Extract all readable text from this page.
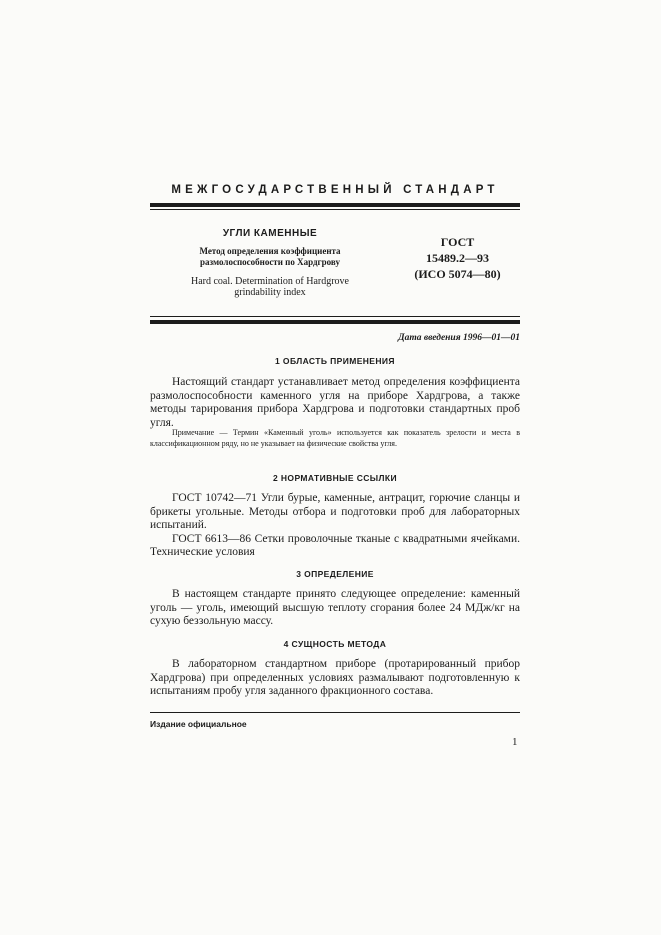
МЕЖГОСУДАРСТВЕННЫЙ СТАНДАРТ
УГЛИ КАМЕННЫЕ
Метод определения коэффициента
размолоспособности по Хардгрову
Hard coal. Determination of Hardgrove
grindability index
ГОСТ
15489.2—93
(ИСО 5074—80)
Дата введения 1996—01—01
1 ОБЛАСТЬ ПРИМЕНЕНИЯ

Настоящий стандарт устанавливает метод определения коэффициента размолоспособности каменного угля на приборе Хардгрова, а также методы тарирования прибора Хардгрова и подготовки стандартных проб угля.

Примечание — Термин «Каменный уголь» используется как показатель зрелости и места в классификационном ряду, но не указывает на физические свойства угля.

2 НОРМАТИВНЫЕ ССЫЛКИ

ГОСТ 10742—71 Угли бурые, каменные, антрацит, горючие сланцы и брикеты угольные. Методы отбора и подготовки проб для лабораторных испытаний.

ГОСТ 6613—86 Сетки проволочные тканые с квадратными ячейками. Технические условия

3 ОПРЕДЕЛЕНИЕ

В настоящем стандарте принято следующее определение: каменный уголь — уголь, имеющий высшую теплоту сгорания более 24 МДж/кг на сухую беззольную массу.

4 СУЩНОСТЬ МЕТОДА

В лабораторном стандартном приборе (протарированный прибор Хардгрова) при определенных условиях размалывают подготовленную к испытаниям пробу угля заданного фракционного состава.

Издание официальное
1
